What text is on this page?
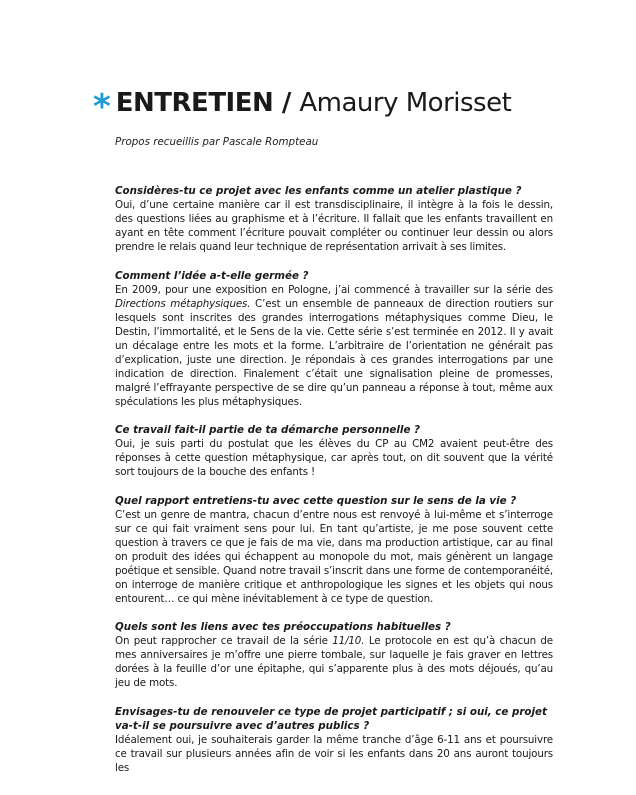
* ENTRETIEN / Amaury Morisset
Propos recueillis par Pascale Rompteau
Considères-tu ce projet avec les enfants comme un atelier plastique ?
Oui, d’une certaine manière car il est transdisciplinaire, il intègre à la fois le dessin, des questions liées au graphisme et à l’écriture. Il fallait que les enfants travaillent en ayant en tête comment l’écriture pouvait compléter ou continuer leur dessin ou alors prendre le relais quand leur technique de représentation arrivait à ses limites.
Comment l’idée a-t-elle germée ?
En 2009, pour une exposition en Pologne, j’ai commencé à travailler sur la série des Directions métaphysiques. C’est un ensemble de panneaux de direction routiers sur lesquels sont inscrites des grandes interrogations métaphysiques comme Dieu, le Destin, l’immortalité, et le Sens de la vie. Cette série s’est terminée en 2012. Il y avait un décalage entre les mots et la forme. L’arbitraire de l’orientation ne générait pas d’explication, juste une direction. Je répondais à ces grandes interrogations par une indication de direction. Finalement c’était une signalisation pleine de promesses, malgré l’effrayante perspective de se dire qu’un panneau a réponse à tout, même aux spéculations les plus métaphysiques.
Ce travail fait-il partie de ta démarche personnelle ?
Oui, je suis parti du postulat que les élèves du CP au CM2 avaient peut-être des réponses à cette question métaphysique, car après tout, on dit souvent que la vérité sort toujours de la bouche des enfants !
Quel rapport entretiens-tu avec cette question sur le sens de la vie ?
C’est un genre de mantra, chacun d’entre nous est renvoyé à lui-même et s’interroge sur ce qui fait vraiment sens pour lui. En tant qu’artiste, je me pose souvent cette question à travers ce que je fais de ma vie, dans ma production artistique, car au final on produit des idées qui échappent au monopole du mot, mais génèrent un langage poétique et sensible. Quand notre travail s’inscrit dans une forme de contemporanéité, on interroge de manière critique et anthropologique les signes et les objets qui nous entourent… ce qui mène inévitablement à ce type de question.
Quels sont les liens avec tes préoccupations habituelles ?
On peut rapprocher ce travail de la série 11/10. Le protocole en est qu’à chacun de mes anniversaires je m’offre une pierre tombale, sur laquelle je fais graver en lettres dorées à la feuille d’or une épitaphe, qui s’apparente plus à des mots déjoués, qu’au jeu de mots.
Envisages-tu de renouveler ce type de projet participatif ; si oui, ce projet va-t-il se poursuivre avec d’autres publics ?
Idéalement oui, je souhaiterais garder la même tranche d’âge 6-11 ans et poursuivre ce travail sur plusieurs années afin de voir si les enfants dans 20 ans auront toujours les
